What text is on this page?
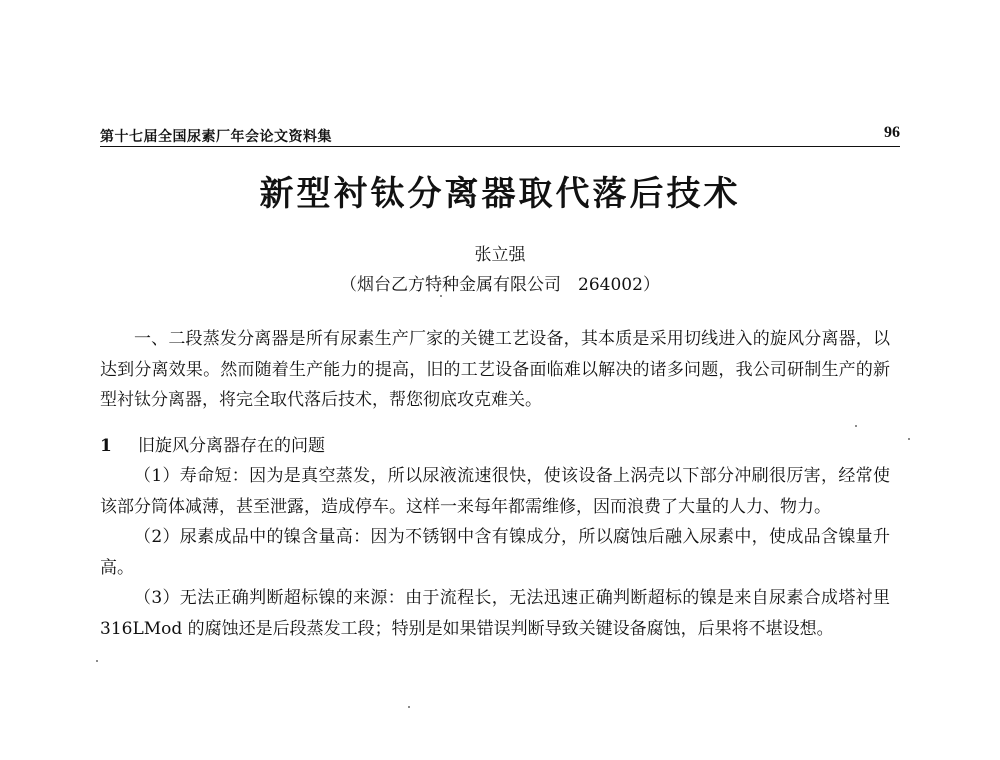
第十七届全国尿素厂年会论文资料集	96
新型衬钛分离器取代落后技术
张立强
（烟台乙方特种金属有限公司　264002）

一、二段蒸发分离器是所有尿素生产厂家的关键工艺设备，其本质是采用切线进入的旋风分离器，以达到分离效果。然而随着生产能力的提高，旧的工艺设备面临难以解决的诸多问题，我公司研制生产的新型衬钛分离器，将完全取代落后技术，帮您彻底攻克难关。

1 旧旋风分离器存在的问题

（1）寿命短：因为是真空蒸发，所以尿液流速很快，使该设备上涡壳以下部分冲刷很厉害，经常使该部分筒体减薄，甚至泄露，造成停车。这样一来每年都需维修，因而浪费了大量的人力、物力。

（2）尿素成品中的镍含量高：因为不锈钢中含有镍成分，所以腐蚀后融入尿素中，使成品含镍量升高。

（3）无法正确判断超标镍的来源：由于流程长，无法迅速正确判断超标的镍是来自尿素合成塔衬里 316LMod 的腐蚀还是后段蒸发工段；特别是如果错误判断导致关键设备腐蚀，后果将不堪设想。
